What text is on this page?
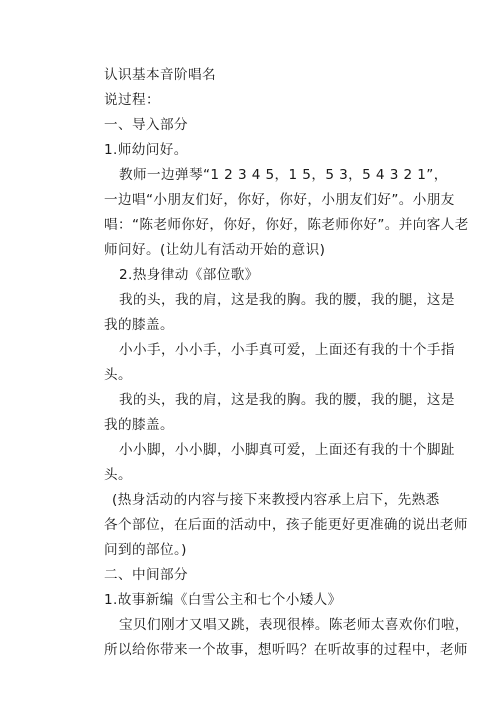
认识基本音阶唱名
说过程：
一、导入部分
1.师幼问好。
教师一边弹琴“1 2 3 4 5，1 5，5 3，5 4 3 2 1”，
一边唱“小朋友们好，你好，你好，小朋友们好”。小朋友
唱：“陈老师你好，你好，你好，陈老师你好”。并向客人老
师问好。(让幼儿有活动开始的意识)
2.热身律动《部位歌》
我的头，我的肩，这是我的胸。我的腰，我的腿，这是
我的膝盖。
小小手，小小手，小手真可爱，上面还有我的十个手指
头。
我的头，我的肩，这是我的胸。我的腰，我的腿，这是
我的膝盖。
小小脚，小小脚，小脚真可爱，上面还有我的十个脚趾
头。
(热身活动的内容与接下来教授内容承上启下，先熟悉
各个部位，在后面的活动中，孩子能更好更准确的说出老师
问到的部位。)
二、中间部分
1.故事新编《白雪公主和七个小矮人》
宝贝们刚才又唱又跳，表现很棒。陈老师太喜欢你们啦，
所以给你带来一个故事，想听吗？在听故事的过程中，老师
